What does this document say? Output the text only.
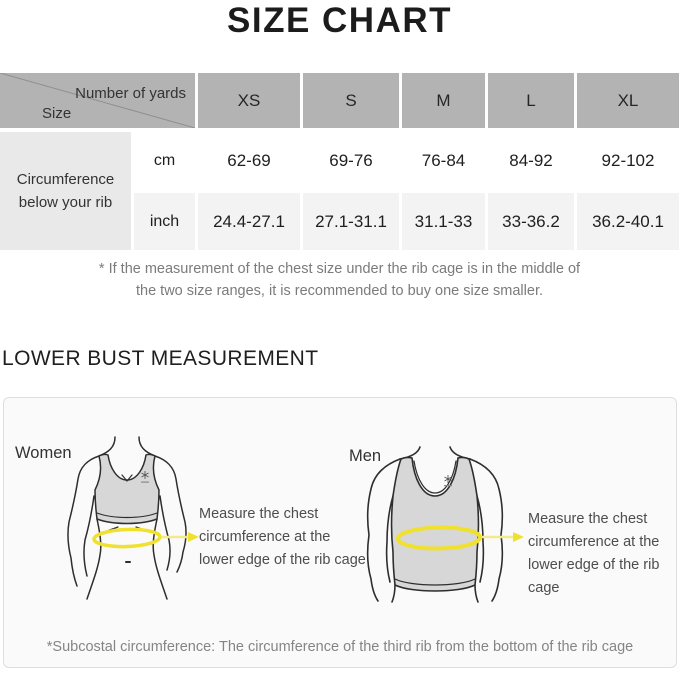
SIZE CHART
Number of yards
Size
XS	S	M	L	XL
Circumference below your rib
cm	62-69	69-76	76-84	84-92	92-102
inch	24.4-27.1	27.1-31.1	31.1-33	33-36.2	36.2-40.1
* If the measurement of the chest size under the rib cage is in the middle of
the two size ranges, it is recommended to buy one size smaller.
LOWER BUST MEASUREMENT
Women	Men
Measure the chest
circumference at the
lower edge of the rib cage
Measure the chest
circumference at the
lower edge of the rib cage
*Subcostal circumference: The circumference of the third rib from the bottom of the rib cage
